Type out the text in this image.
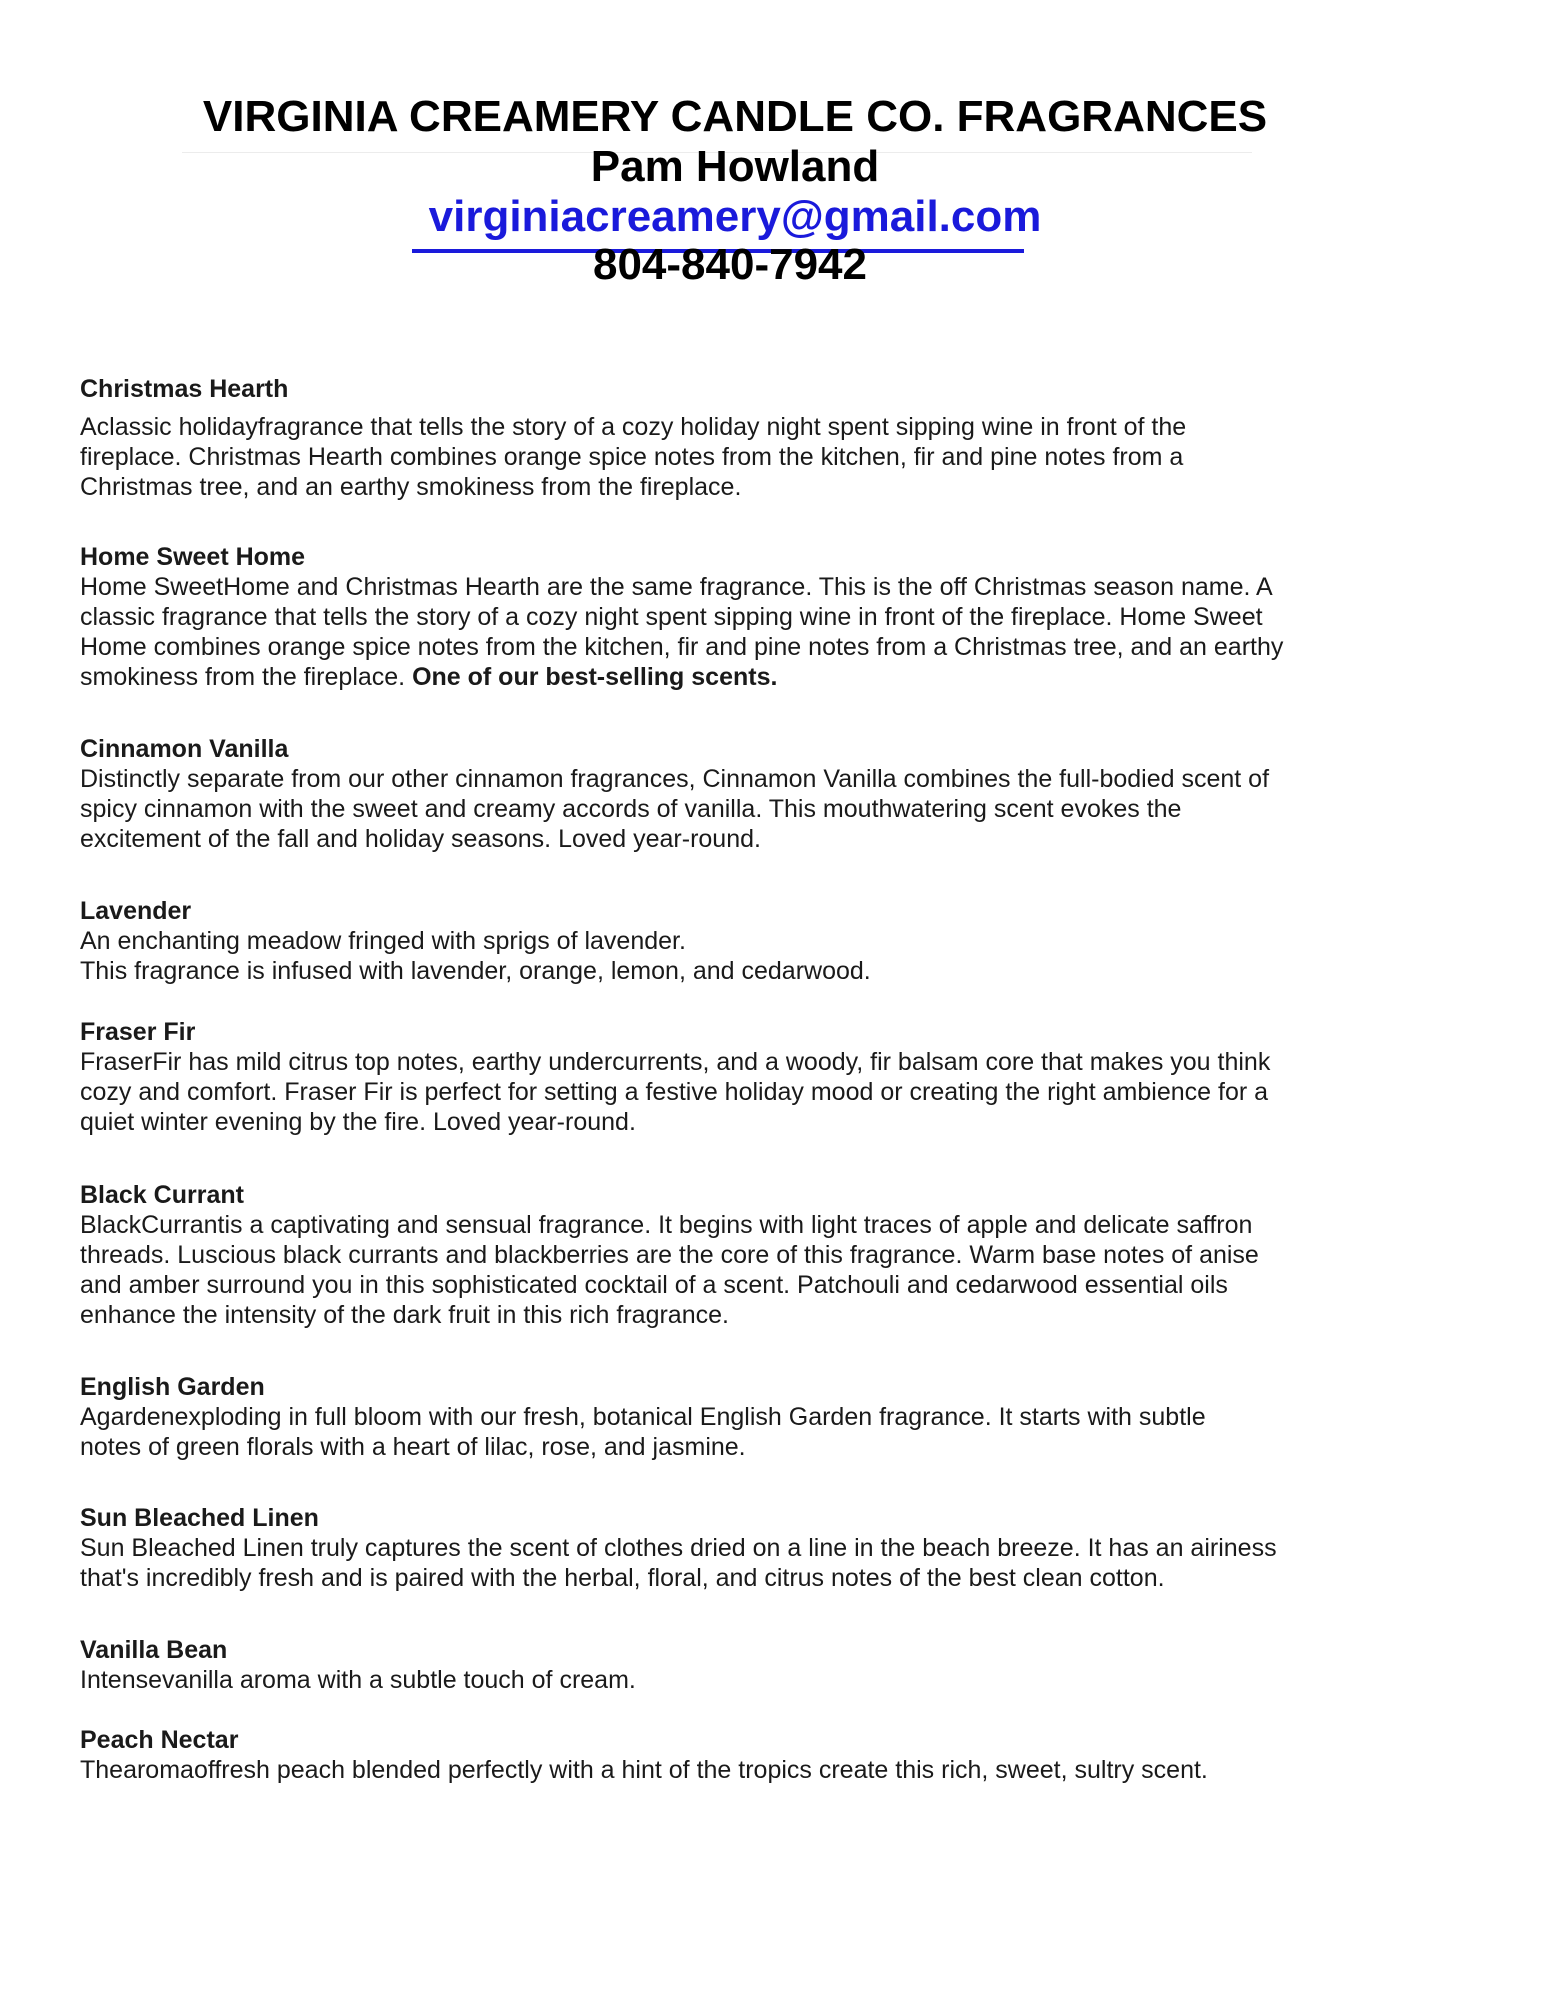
VIRGINIA CREAMERY CANDLE CO. FRAGRANCES
Pam Howland
virginiacreamery@gmail.com
804-840-7942
Christmas Hearth
Aclassic holidayfragrance that tells the story of a cozy holiday night spent sipping wine in front of the
fireplace. Christmas Hearth combines orange spice notes from the kitchen, fir and pine notes from a
Christmas tree, and an earthy smokiness from the fireplace.
Home Sweet Home
Home SweetHome and Christmas Hearth are the same fragrance. This is the off Christmas season name. A
classic fragrance that tells the story of a cozy night spent sipping wine in front of the fireplace. Home Sweet
Home combines orange spice notes from the kitchen, fir and pine notes from a Christmas tree, and an earthy
smokiness from the fireplace. One of our best-selling scents.
Cinnamon Vanilla
Distinctly separate from our other cinnamon fragrances, Cinnamon Vanilla combines the full-bodied scent of
spicy cinnamon with the sweet and creamy accords of vanilla. This mouthwatering scent evokes the
excitement of the fall and holiday seasons. Loved year-round.
Lavender
An enchanting meadow fringed with sprigs of lavender.
This fragrance is infused with lavender, orange, lemon, and cedarwood.
Fraser Fir
FraserFir has mild citrus top notes, earthy undercurrents, and a woody, fir balsam core that makes you think
cozy and comfort. Fraser Fir is perfect for setting a festive holiday mood or creating the right ambience for a
quiet winter evening by the fire. Loved year-round.
Black Currant
BlackCurrantis a captivating and sensual fragrance. It begins with light traces of apple and delicate saffron
threads. Luscious black currants and blackberries are the core of this fragrance. Warm base notes of anise
and amber surround you in this sophisticated cocktail of a scent. Patchouli and cedarwood essential oils
enhance the intensity of the dark fruit in this rich fragrance.
English Garden
Agardenexploding in full bloom with our fresh, botanical English Garden fragrance. It starts with subtle
notes of green florals with a heart of lilac, rose, and jasmine.
Sun Bleached Linen
Sun Bleached Linen truly captures the scent of clothes dried on a line in the beach breeze. It has an airiness
that's incredibly fresh and is paired with the herbal, floral, and citrus notes of the best clean cotton.
Vanilla Bean
Intensevanilla aroma with a subtle touch of cream.
Peach Nectar
Thearomaoffresh peach blended perfectly with a hint of the tropics create this rich, sweet, sultry scent.
